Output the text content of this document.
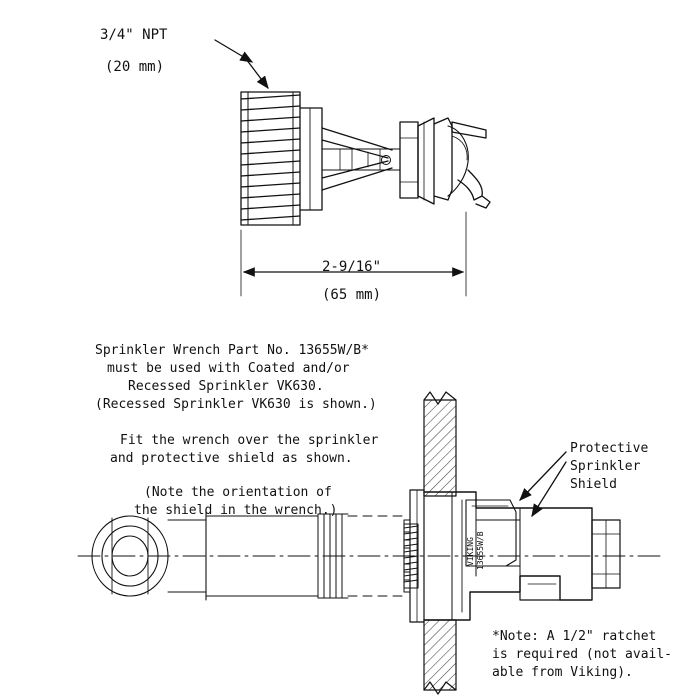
3/4" NPT
(20 mm)
2-9/16"
(65 mm)
Sprinkler Wrench Part No. 13655W/B*
must be used with Coated and/or
Recessed Sprinkler VK630.
(Recessed Sprinkler VK630 is shown.)
Fit the wrench over the sprinkler
and protective shield as shown.
(Note the orientation of
the shield in the wrench.)
Protective
Sprinkler
Shield
*Note: A 1/2" ratchet
is required (not avail-
able from Viking).
VIKING 13655W/B
